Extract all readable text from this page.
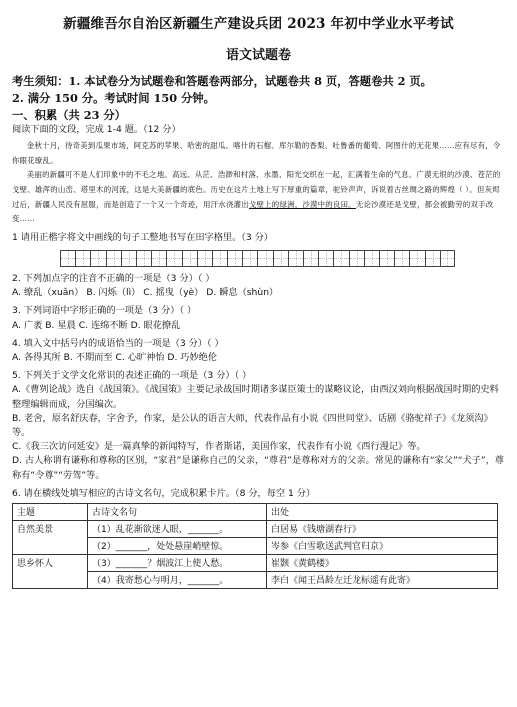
新疆维吾尔自治区新疆生产建设兵团 2023 年初中学业水平考试
语文试题卷
考生须知：1. 本试卷分为试题卷和答题卷两部分，试题卷共 8 页，答题卷共 2 页。
2. 满分 150 分。考试时间 150 分钟。
一、积累（共 23 分）
阅读下面的文段，完成 1-4 题。（12 分）
金秋十月，待奇美到瓜果市场，阿克苏的苹果、哈密的甜瓜、喀什的石榴、库尔勒的香梨、吐鲁番的葡萄、阿图什的无花果……应有尽有，令你眼花缭乱。
美丽的新疆可不是人们印象中的不毛之地。高远、从茫、浩渺和村落、水墨、阳光交织在一起，汇满着生命的气息。广漠无垠的沙漠、苍茫的戈壁、雄浑的山峦、塔里木的河流，这是大美新疆的底色。历史在这片土地上写下厚重的篇章，驼铃声声，诉说着古丝绸之路的辉煌（ ）。但灰烬过后，新疆人民没有屈服，而是创造了一个又一个奇迹，用汗水浇灌出戈壁上的绿洲，沙漠中的良田。无论沙漠还是戈壁，都会被勤劳的双手改变……
1 请用正楷字将文中画线的句子工整地书写在田字格里。（3 分）
2. 下列加点字的注音不正确的一项是（3 分）（ ）
A. 缭乱（xuǎn） B. 闪烁（lì） C. 摇曳（yè） D. 瞬息（shùn）
3. 下列词语中字形正确的一项是（3 分）（ ）
A. 广袤 B. 星晨 C. 连绵不断 D. 眼花撩乱
4. 填入文中括号内的成语恰当的一项是（3 分）（ ）
A. 各得其所 B. 不期而至 C. 心旷神怡 D. 巧妙绝伦
5. 下列关于文学文化常识的表述正确的一项是（3 分）（ ）
A.《曹刿论战》选自《战国策》。《战国策》主要记录战国时期诸多谋臣策士的谋略议论，由西汉刘向根据战国时期的史料整理编辑而成，分国编次。
B. 老舍，原名舒庆春，字舍予，作家，是公认的语言大师，代表作品有小说《四世同堂》、话剧《骆驼祥子》《龙须沟》等。
C.《我三次访问延安》是一篇真挚的新闻特写，作者斯诺，美国作家，代表作有小说《西行漫记》等。
D. 古人称谓有谦称和尊称的区别，“家君”是谦称自己的父亲，“尊君”是尊称对方的父亲。常见的谦称有“家父”“犬子”，尊称有“令尊”“劳驾”等。
6. 请在横线处填写相应的古诗文名句，完成积累卡片。（8 分，每空 1 分）
主题	古诗文名句	出处
自然美景	（1）乱花渐欲迷人眼，_______。	白居易《钱塘湖春行》
	（2）_______，处处悬崖峭壁惊。	岑参《白雪歌送武判官归京》
思乡怀人	（3）_______？烟波江上使人愁。	崔颢《黄鹤楼》
	（4）我寄愁心与明月，_______。	李白《闻王昌龄左迁龙标遥有此寄》
